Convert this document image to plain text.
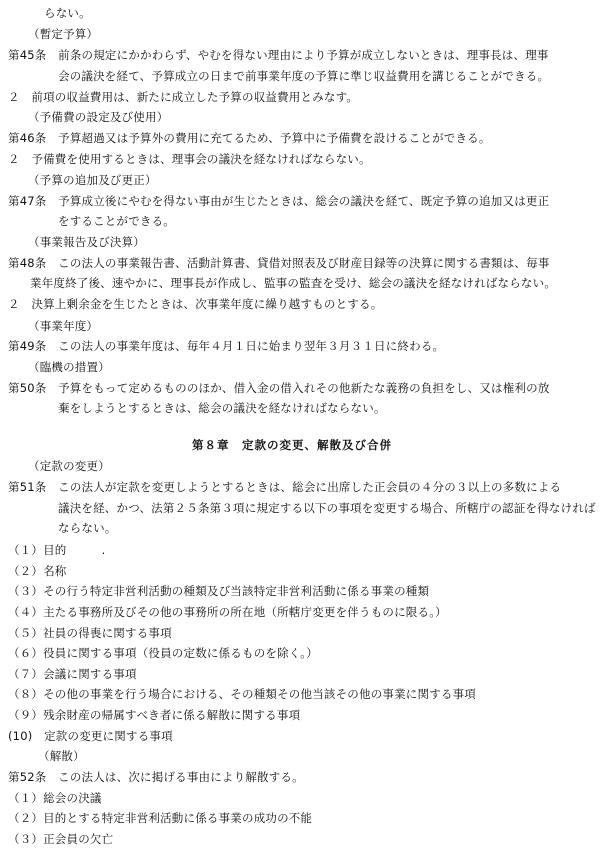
らない。
（暫定予算）
第45条　前条の規定にかかわらず、やむを得ない理由により予算が成立しないときは、理事長は、理事
会の議決を経て、予算成立の日まで前事業年度の予算に準じ収益費用を講じることができる。
２　前項の収益費用は、新たに成立した予算の収益費用とみなす。
（予備費の設定及び使用）
第46条　予算超過又は予算外の費用に充てるため、予算中に予備費を設けることができる。
２　予備費を使用するときは、理事会の議決を経なければならない。
（予算の追加及び更正）
第47条　予算成立後にやむを得ない事由が生じたときは、総会の議決を経て、既定予算の追加又は更正
をすることができる。
（事業報告及び決算）
第48条　この法人の事業報告書、活動計算書、貸借対照表及び財産目録等の決算に関する書類は、毎事
業年度終了後、速やかに、理事長が作成し、監事の監査を受け、総会の議決を経なければならない。
２　決算上剰余金を生じたときは、次事業年度に繰り越すものとする。
（事業年度）
第49条　この法人の事業年度は、毎年４月１日に始まり翌年３月３１日に終わる。
（臨機の措置）
第50条　予算をもって定めるもののほか、借入金の借入れその他新たな義務の負担をし、又は権利の放
棄をしようとするときは、総会の議決を経なければならない。
第８章　定款の変更、解散及び合併
（定款の変更）
第51条　この法人が定款を変更しようとするときは、総会に出席した正会員の４分の３以上の多数による
議決を経、かつ、法第２５条第３項に規定する以下の事項を変更する場合、所轄庁の認証を得なければ
ならない。
（１）目的　　　.
（２）名称
（３）その行う特定非営利活動の種類及び当該特定非営利活動に係る事業の種類
（４）主たる事務所及びその他の事務所の所在地（所轄庁変更を伴うものに限る。）
（５）社員の得喪に関する事項
（６）役員に関する事項（役員の定数に係るものを除く。）
（７）会議に関する事項
（８）その他の事業を行う場合における、その種類その他当該その他の事業に関する事項
（９）残余財産の帰属すべき者に係る解散に関する事項
(10)　定款の変更に関する事項
（解散）
第52条　この法人は、次に掲げる事由により解散する。
（１）総会の決議
（２）目的とする特定非営利活動に係る事業の成功の不能
（３）正会員の欠亡
